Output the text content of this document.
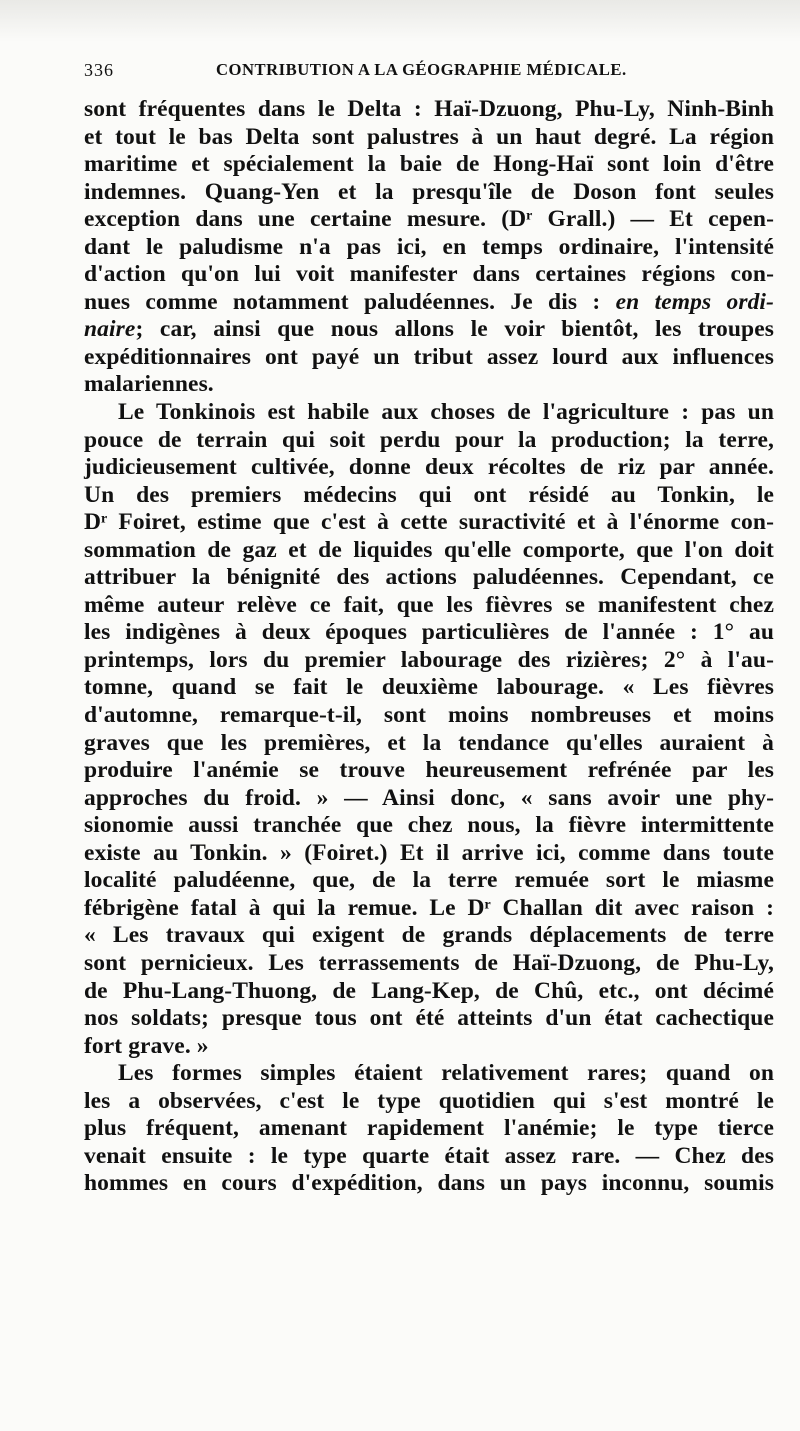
336	CONTRIBUTION A LA GÉOGRAPHIE MÉDICALE.
sont fréquentes dans le Delta : Haï-Dzuong, Phu-Ly, Ninh-Binh
et tout le bas Delta sont palustres à un haut degré. La région
maritime et spécialement la baie de Hong-Haï sont loin d'être
indemnes. Quang-Yen et la presqu'île de Doson font seules
exception dans une certaine mesure. (Dʳ Grall.) — Et cepen-
dant le paludisme n'a pas ici, en temps ordinaire, l'intensité
d'action qu'on lui voit manifester dans certaines régions con-
nues comme notamment paludéennes. Je dis : en temps ordi-
naire; car, ainsi que nous allons le voir bientôt, les troupes
expéditionnaires ont payé un tribut assez lourd aux influences
malariennes.
Le Tonkinois est habile aux choses de l'agriculture : pas un
pouce de terrain qui soit perdu pour la production; la terre,
judicieusement cultivée, donne deux récoltes de riz par année.
Un des premiers médecins qui ont résidé au Tonkin, le
Dʳ Foiret, estime que c'est à cette suractivité et à l'énorme con-
sommation de gaz et de liquides qu'elle comporte, que l'on doit
attribuer la bénignité des actions paludéennes. Cependant, ce
même auteur relève ce fait, que les fièvres se manifestent chez
les indigènes à deux époques particulières de l'année : 1° au
printemps, lors du premier labourage des rizières; 2° à l'au-
tomne, quand se fait le deuxième labourage. « Les fièvres
d'automne, remarque-t-il, sont moins nombreuses et moins
graves que les premières, et la tendance qu'elles auraient à
produire l'anémie se trouve heureusement refrénée par les
approches du froid. » — Ainsi donc, « sans avoir une phy-
sionomie aussi tranchée que chez nous, la fièvre intermittente
existe au Tonkin. » (Foiret.) Et il arrive ici, comme dans toute
localité paludéenne, que, de la terre remuée sort le miasme
fébrigène fatal à qui la remue. Le Dʳ Challan dit avec raison :
« Les travaux qui exigent de grands déplacements de terre
sont pernicieux. Les terrassements de Haï-Dzuong, de Phu-Ly,
de Phu-Lang-Thuong, de Lang-Kep, de Chû, etc., ont décimé
nos soldats; presque tous ont été atteints d'un état cachectique
fort grave. »
Les formes simples étaient relativement rares; quand on
les a observées, c'est le type quotidien qui s'est montré le
plus fréquent, amenant rapidement l'anémie; le type tierce
venait ensuite : le type quarte était assez rare. — Chez des
hommes en cours d'expédition, dans un pays inconnu, soumis
